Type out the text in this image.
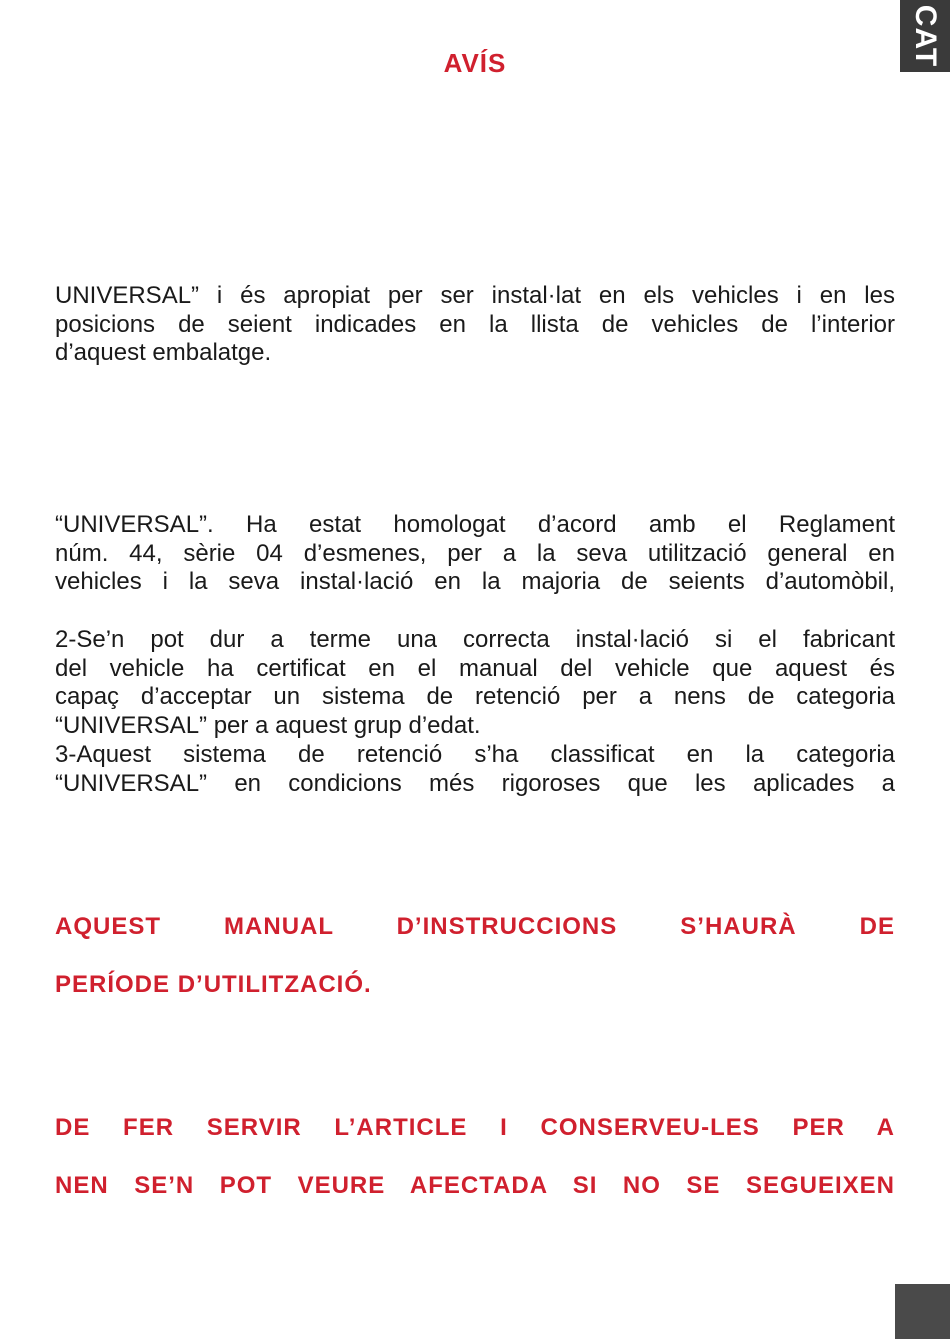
CAT
AVÍS

UNIVERSAL” i és apropiat per ser instal·lat en els vehicles i en les
posicions de seient indicades en la llista de vehicles de l’interior
d’aquest embalatge.

“UNIVERSAL”. Ha estat homologat d’acord amb el Reglament
núm. 44, sèrie 04 d’esmenes, per a la seva utilització general en
vehicles i la seva instal·lació en la majoria de seients d’automòbil,

2-Se’n pot dur a terme una correcta instal·lació si el fabricant
del vehicle ha certificat en el manual del vehicle que aquest és
capaç d’acceptar un sistema de retenció per a nens de categoria
“UNIVERSAL” per a aquest grup d’edat.

3-Aquest sistema de retenció s’ha classificat en la categoria
“UNIVERSAL” en condicions més rigoroses que les aplicades a

AQUEST MANUAL D’INSTRUCCIONS S’HAURÀ DE

PERÍODE D’UTILITZACIÓ.

DE FER SERVIR L’ARTICLE I CONSERVEU-LES PER A

NEN SE’N POT VEURE AFECTADA SI NO SE SEGUEIXEN
